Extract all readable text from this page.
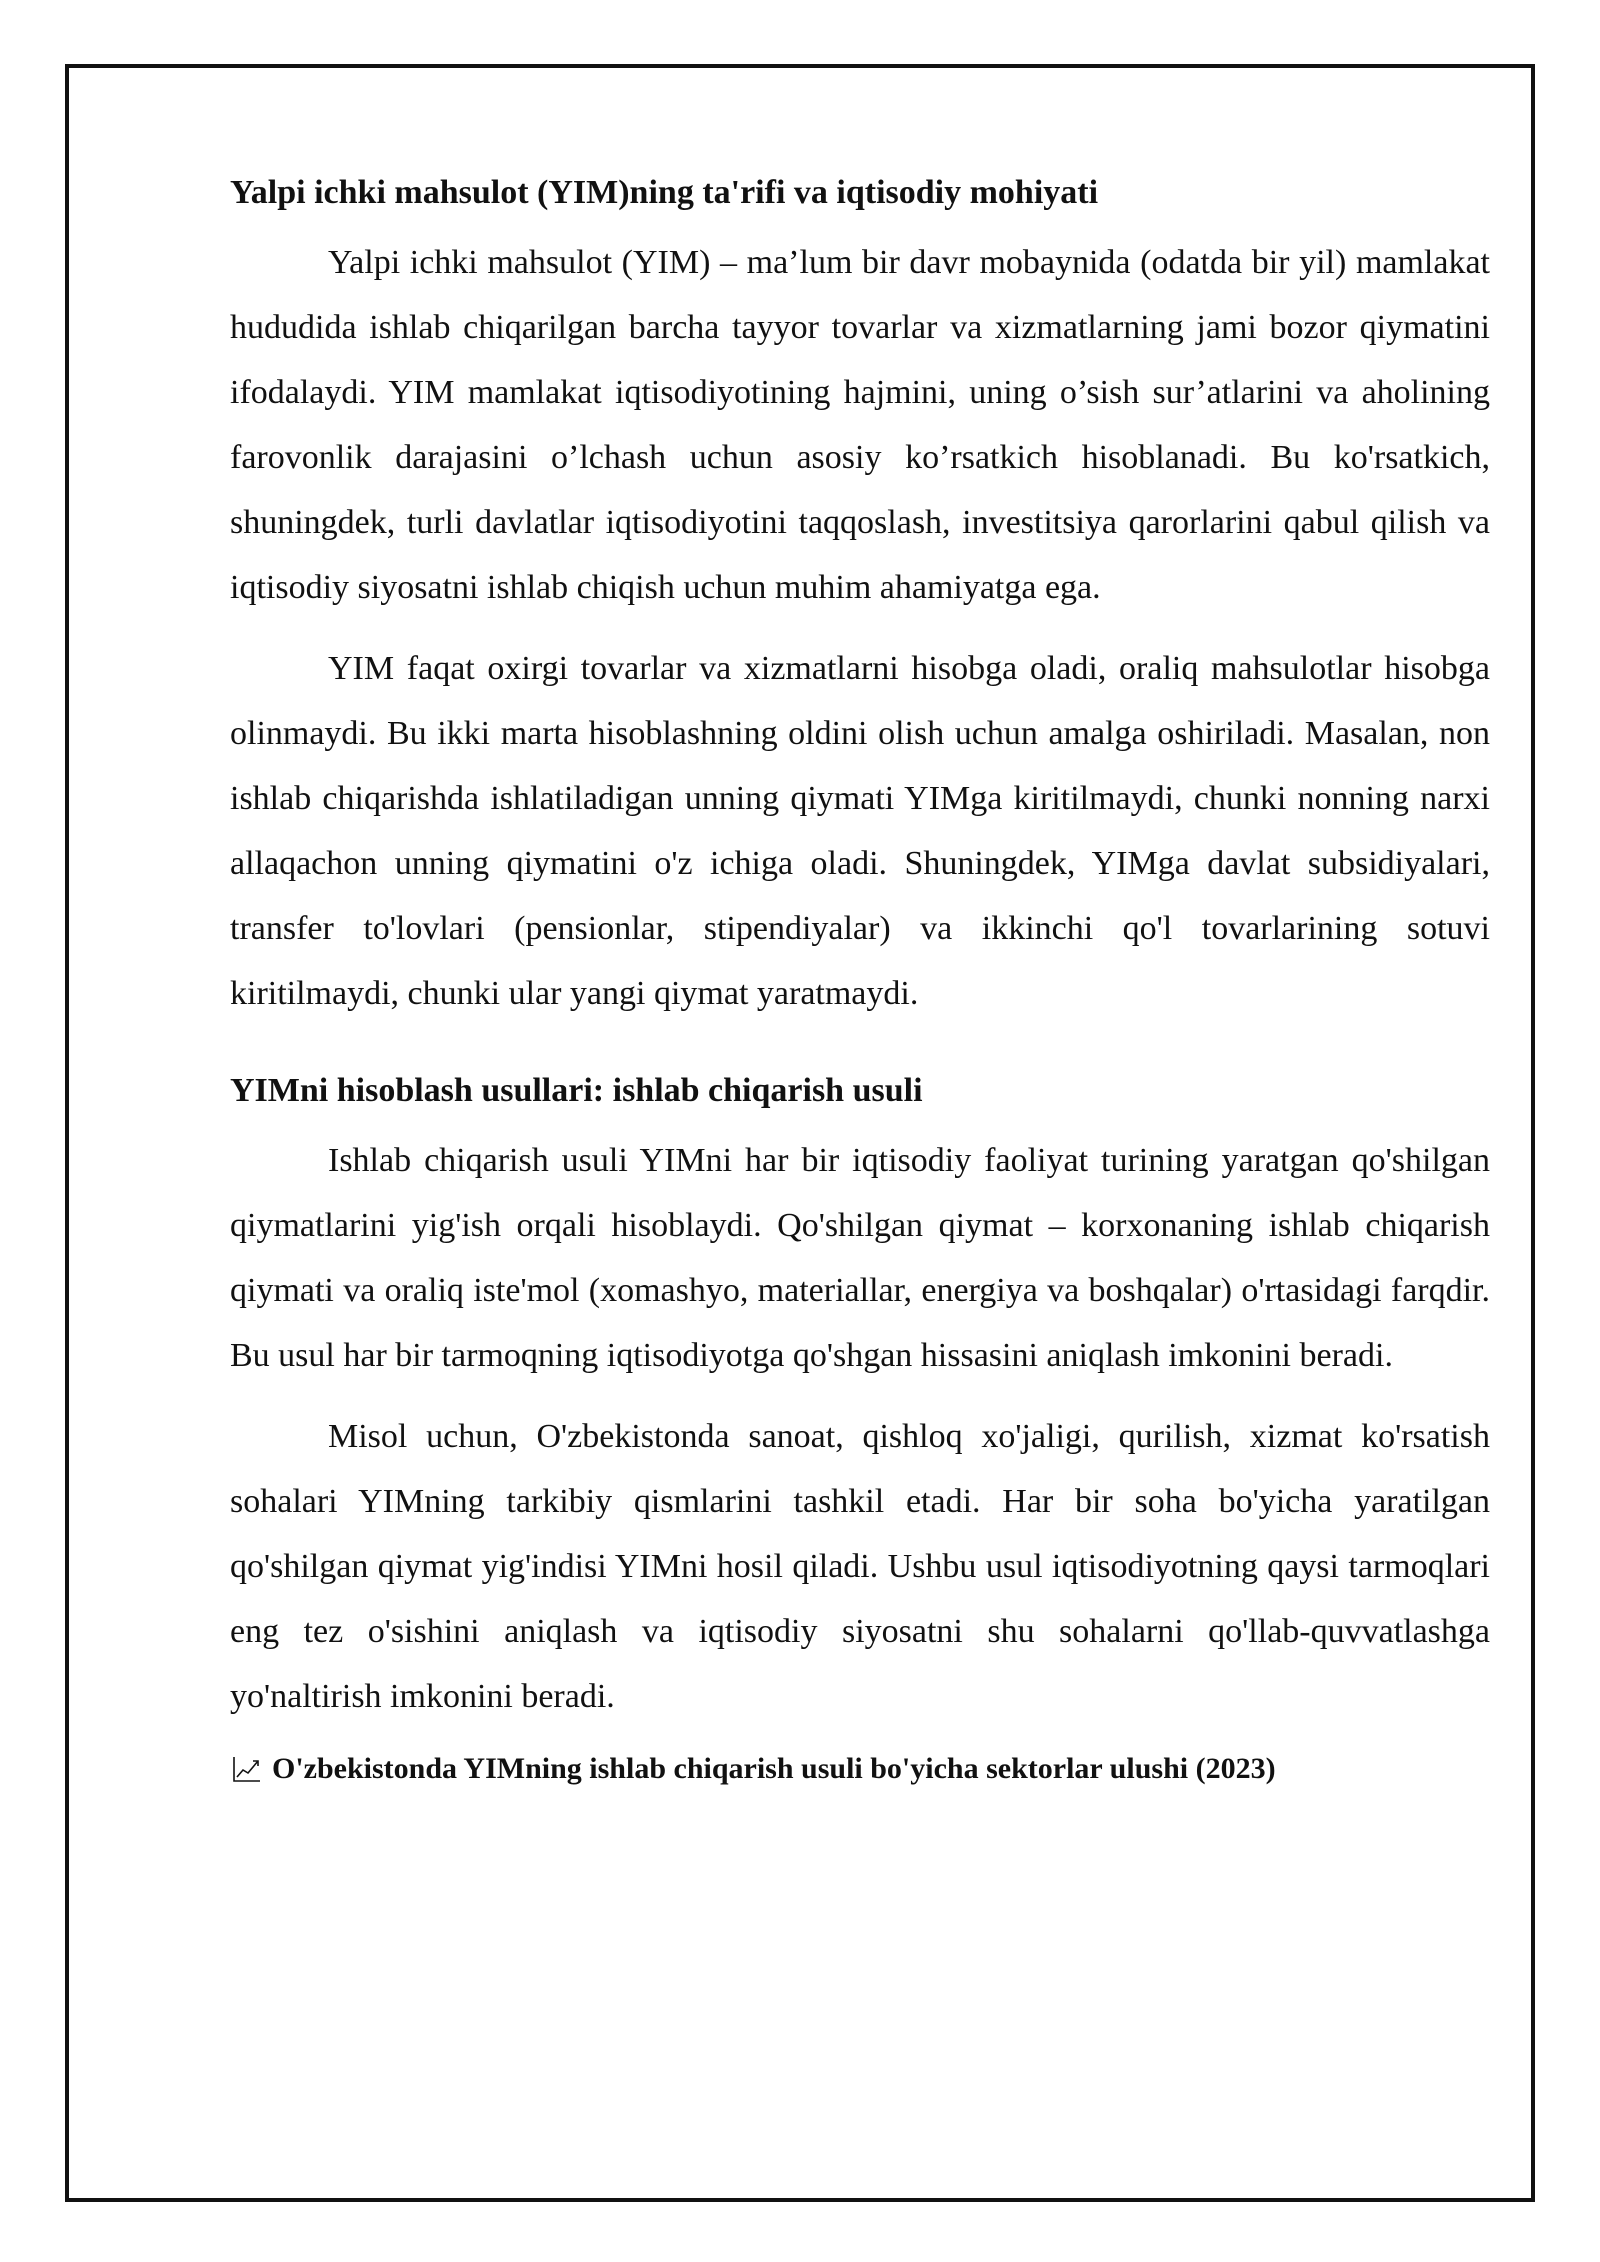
Yalpi ichki mahsulot (YIM)ning ta'rifi va iqtisodiy mohiyati

Yalpi ichki mahsulot (YIM) – ma’lum bir davr mobaynida (odatda bir yil) mamlakat hududida ishlab chiqarilgan barcha tayyor tovarlar va xizmatlarning jami bozor qiymatini ifodalaydi. YIM mamlakat iqtisodiyotining hajmini, uning o’sish sur’atlarini va aholining farovonlik darajasini o’lchash uchun asosiy ko’rsatkich hisoblanadi. Bu ko'rsatkich, shuningdek, turli davlatlar iqtisodiyotini taqqoslash, investitsiya qarorlarini qabul qilish va iqtisodiy siyosatni ishlab chiqish uchun muhim ahamiyatga ega.

YIM faqat oxirgi tovarlar va xizmatlarni hisobga oladi, oraliq mahsulotlar hisobga olinmaydi. Bu ikki marta hisoblashning oldini olish uchun amalga oshiriladi. Masalan, non ishlab chiqarishda ishlatiladigan unning qiymati YIMga kiritilmaydi, chunki nonning narxi allaqachon unning qiymatini o'z ichiga oladi. Shuningdek, YIMga davlat subsidiyalari, transfer to'lovlari (pensionlar, stipendiyalar) va ikkinchi qo'l tovarlarining sotuvi kiritilmaydi, chunki ular yangi qiymat yaratmaydi.

YIMni hisoblash usullari: ishlab chiqarish usuli

Ishlab chiqarish usuli YIMni har bir iqtisodiy faoliyat turining yaratgan qo'shilgan qiymatlarini yig'ish orqali hisoblaydi. Qo'shilgan qiymat – korxonaning ishlab chiqarish qiymati va oraliq iste'mol (xomashyo, materiallar, energiya va boshqalar) o'rtasidagi farqdir. Bu usul har bir tarmoqning iqtisodiyotga qo'shgan hissasini aniqlash imkonini beradi.

Misol uchun, O'zbekistonda sanoat, qishloq xo'jaligi, qurilish, xizmat ko'rsatish sohalari YIMning tarkibiy qismlarini tashkil etadi. Har bir soha bo'yicha yaratilgan qo'shilgan qiymat yig'indisi YIMni hosil qiladi. Ushbu usul iqtisodiyotning qaysi tarmoqlari eng tez o'sishini aniqlash va iqtisodiy siyosatni shu sohalarni qo'llab-quvvatlashga yo'naltirish imkonini beradi.

O'zbekistonda YIMning ishlab chiqarish usuli bo'yicha sektorlar ulushi (2023)
